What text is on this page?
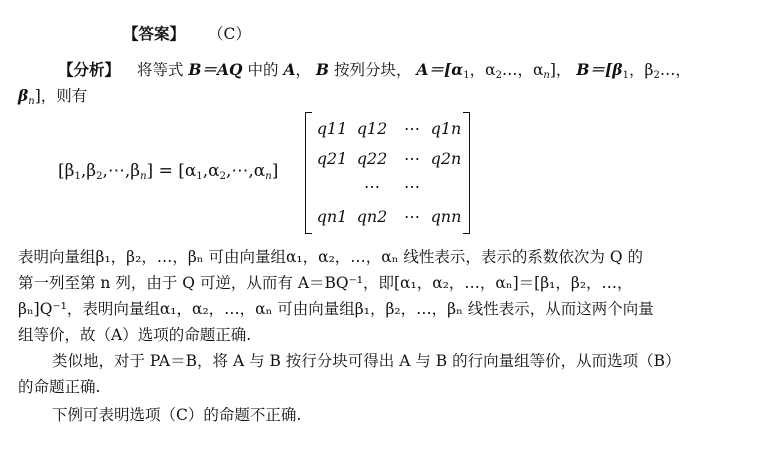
【答案】 （C）
【分析】 将等式 B＝AQ 中的 A， B 按列分块， $A=[\alpha_1$，$\alpha_2\dots$，$\alpha_n$]， $B=[\beta_1$，$\beta_2\dots$，
$\beta_n$]，则有
$[\beta_1,\beta_2,\cdots,\beta_n]$ = $[\alpha_1,\alpha_2,\cdots,\alpha_n]$
q11 q12	⋯ q1n
q21 q22	⋯ q2n
⋯	⋯
qn1 qn2	⋯ qnn
表明向量组β₁，β₂，…，βₙ 可由向量组α₁，α₂，…，αₙ 线性表示，表示的系数依次为 Q 的
第一列至第 n 列，由于 Q 可逆，从而有 A＝BQ⁻¹，即[α₁，α₂，…，αₙ]＝[β₁，β₂，…，
βₙ]Q⁻¹，表明向量组α₁，α₂，…，αₙ 可由向量组β₁，β₂，…，βₙ 线性表示，从而这两个向量
组等价，故（A）选项的命题正确.
类似地，对于 PA＝B，将 A 与 B 按行分块可得出 A 与 B 的行向量组等价，从而选项（B）
的命题正确.
下例可表明选项（C）的命题不正确.
